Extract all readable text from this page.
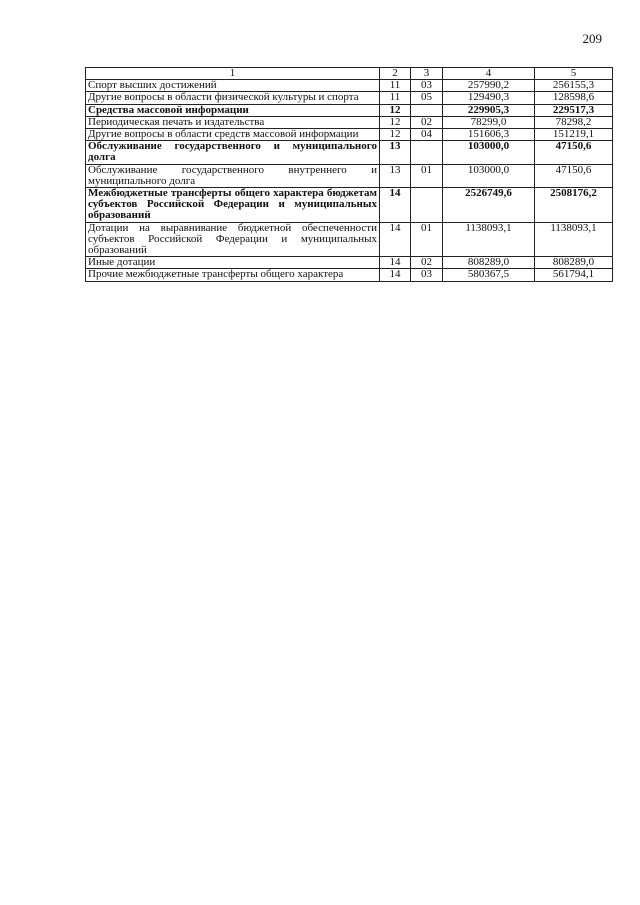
209
1	2	3	4	5
Спорт высших достижений	11	03	257990,2	256155,3
Другие вопросы в области физической культуры и спорта	11	05	129490,3	128598,6
Средства массовой информации	12		229905,3	229517,3
Периодическая печать и издательства	12	02	78299,0	78298,2
Другие вопросы в области средств массовой информации	12	04	151606,3	151219,1
Обслуживание государственного и муниципального долга	13		103000,0	47150,6
Обслуживание государственного внутреннего и муниципального долга	13	01	103000,0	47150,6
Межбюджетные трансферты общего характера бюджетам субъектов Российской Федерации и муниципальных образований	14		2526749,6	2508176,2
Дотации на выравнивание бюджетной обеспеченности субъектов Российской Федерации и муниципальных образований	14	01	1138093,1	1138093,1
Иные дотации	14	02	808289,0	808289,0
Прочие межбюджетные трансферты общего характера	14	03	580367,5	561794,1
